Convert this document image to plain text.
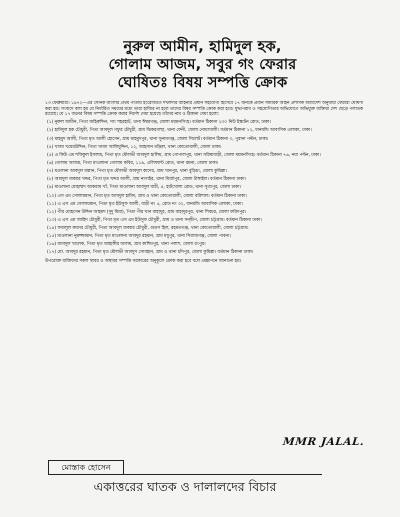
নুরুল আমীন, হামিদুল হক,
গোলাম আজম, সবুর গং ফেরার
ঘোষিতঃ বিষয় সম্পত্তি ক্রোক

১৩ ফেব্রুয়ারী। ১৯৭২—এর সৈনিক বাংলার প্রথম পাতায় ইংরেজিতে দখলদার বাহিনীর প্রধান সহযোগী হিসেবে ১৭ জনকে প্রধান সামরিক আইন প্রশাসক অধ্যাদেশ অনুযায়ী ফেরারী ঘোষণা করা হয়। সংবাদে বলা হয় যে নির্ধারিত সময়ের মধ্যে তারা হাজির না হলে তাদের বিষয় সম্পত্তি ক্রোক করা হবে। যুদ্ধাপরাধ ও সহযোগিতার অভিযোগে অভিযুক্ত ব্যক্তিরা দেশ ছেড়ে পলাতক রয়েছে। যে ১৭ জনের বিষয় সম্পত্তি ক্রোক করার নির্দেশ দেয়া হয়েছে তাঁদের নাম ও ঠিকানা দেয়া হলো:

(১) নুরুল আমীন, পিতা জহিরুদ্দিন, সাং শহরহাট, থানা ঈশ্বরগঞ্জ, জেলা ময়মনসিংহ। বর্তমান ঠিকানা ২৩০ নিউ ইস্কাটন রোড, ঢাকা।

(২) হামিদুল হক চৌধুরী, পিতা আবদুল গফুর চৌধুরী, গ্রাম ঝিকরগাছা, থানা ফেনী, জেলা নোয়াখালী। বর্তমান ঠিকানা ১২, ধানমন্ডি আবাসিক এলাকা, ঢাকা।

(৩) মাহমুদ আলী, পিতা মৃত আলী হোসেন, গ্রাম মাহমুদপুর, থানা সুনামগঞ্জ, জেলা সিলেট। বর্তমান ঠিকানা ৩, পুরানা পল্টন, ঢাকা।

(৪) খাজা খয়েরউদ্দিন, পিতা খাজা আলিমুদ্দিন, ১২, আহসান মঞ্জিল, থানা কোতোয়ালী, জেলা ঢাকা।

(৫) এ কিউ এম শফিকুল ইসলাম, পিতা মৃত মৌলভী আবদুল হালিম, গ্রাম গোপালপুর, থানা সরিষাবাড়ী, জেলা ময়মনসিংহ। বর্তমান ঠিকানা ৭৬, নয়া পল্টন, ঢাকা।

(৬) গোলাম আজম, পিতা মাওলানা গোলাম কবির, ১১৯, এলিফ্যান্ট রোড, থানা রমনা, জেলা ঢাকা।

(৭) মওলানা আবদুল মান্নান, পিতা মৃত মৌলভী আবদুল কাদের, গ্রাম খানপুর, থানা বুড়িচং, জেলা কুমিল্লা।

(৮) আবদুল জব্বার খদ্দর, পিতা মৃত খদ্দর আলী, গ্রাম নাগাইর, থানা মির্জাপুর, জেলা টাঙ্গাইল। বর্তমান ঠিকানা ঢাকা।

(৯) মাওলানা মোহাম্মদ আকরাম খাঁ, পিতা মাওলানা আবদুল বারী, ৪, হাটখোলা রোড, থানা সূত্রাপুর, জেলা ঢাকা।

(১০) এস এম সোলায়মান, পিতা মৃত আবদুল হামিদ, গ্রাম ও থানা কোতোয়ালী, জেলা বরিশাল। বর্তমান ঠিকানা ঢাকা।

(১১) এ এস এম সোলায়মান, পিতা মৃত ইউসুফ আলী, বাড়ী নং ৫, রোড নং ৩২, ধানমন্ডি আবাসিক এলাকা, ঢাকা।

(১২) পীর মোহসেন উদ্দিন আহমদ (দুদু মিয়া), পিতা পীর খান বাহাদুর, গ্রাম বাহাদুরপুর, থানা শিবচর, জেলা ফরিদপুর।

(১৩) এ এস এম জাহিদ চৌধুরী, পিতা মৃত এস এম ইউসুফ চৌধুরী, গ্রাম ও থানা সন্দ্বীপ, জেলা চট্টগ্রাম। বর্তমান ঠিকানা ঢাকা।

(১৪) ফজলুল কাদের চৌধুরী, পিতা আবদুল জব্বার চৌধুরী, গুডস হিল, রহমতগঞ্জ, থানা কোতোয়ালী, জেলা চট্টগ্রাম।

(১৫) মাওলানা নুরুজ্জামান, পিতা মৃত মাওলানা আবদুর রহমান, গ্রাম মধুপুর, থানা সিরাজগঞ্জ, জেলা পাবনা।

(১৬) আবদুল খালেক, পিতা মৃত জাহাঙ্গীর আলম, গ্রাম কাশিমপুর, থানা পলাশ, জেলা রংপুর।

(১৭) মো. আবদুর রহমান, পিতা মৃত মৌলভী আবদুস সোবহান, গ্রাম ও থানা চাঁদপুর, জেলা কুমিল্লা। বর্তমান ঠিকানা ঢাকা।

উপরোক্ত ব্যক্তিদের সকল স্থাবর ও অস্থাবর সম্পত্তি সরকারের অনুকূলে ক্রোক করা হবে বলে প্রজ্ঞাপনে জানানো হয়।

MMR JALAL.
মোস্তাক হোসেন
একাত্তরের ঘাতক ও দালালদের বিচার
